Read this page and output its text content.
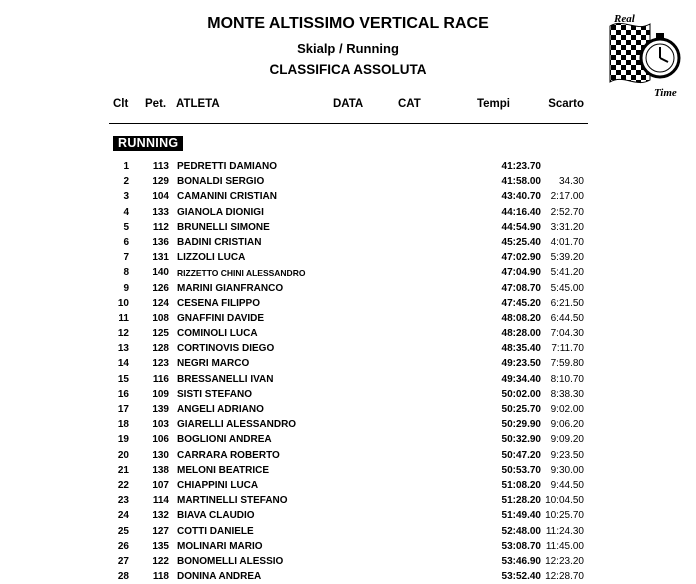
MONTE ALTISSIMO VERTICAL RACE
Skialp / Running
CLASSIFICA ASSOLUTA
Real
Time
Clt Pet. ATLETA	DATA	CAT	Tempi	Scarto
RUNNING
1 113 PEDRETTI DAMIANO	41:23.70
2 129 BONALDI SERGIO	41:58.00 34.30
3 104 CAMANINI CRISTIAN	43:40.70 2:17.00
4 133 GIANOLA DIONIGI	44:16.40 2:52.70
5 112 BRUNELLI SIMONE	44:54.90 3:31.20
6 136 BADINI CRISTIAN	45:25.40 4:01.70
7 131 LIZZOLI LUCA	47:02.90 5:39.20
8 140 RIZZETTO CHINI ALESSANDRO	47:04.90 5:41.20
9 126 MARINI GIANFRANCO	47:08.70 5:45.00
10 124 CESENA FILIPPO	47:45.20 6:21.50
11 108 GNAFFINI DAVIDE	48:08.20 6:44.50
12 125 COMINOLI LUCA	48:28.00 7:04.30
13 128 CORTINOVIS DIEGO	48:35.40 7:11.70
14 123 NEGRI MARCO	49:23.50 7:59.80
15 116 BRESSANELLI IVAN	49:34.40 8:10.70
16 109 SISTI STEFANO	50:02.00 8:38.30
17 139 ANGELI ADRIANO	50:25.70 9:02.00
18 103 GIARELLI ALESSANDRO	50:29.90 9:06.20
19 106 BOGLIONI ANDREA	50:32.90 9:09.20
20 130 CARRARA ROBERTO	50:47.20 9:23.50
21 138 MELONI BEATRICE	50:53.70 9:30.00
22 107 CHIAPPINI LUCA	51:08.20 9:44.50
23 114 MARTINELLI STEFANO	51:28.20 10:04.50
24 132 BIAVA CLAUDIO	51:49.40 10:25.70
25 127 COTTI DANIELE	52:48.00 11:24.30
26 135 MOLINARI MARIO	53:08.70 11:45.00
27 122 BONOMELLI ALESSIO	53:46.90 12:23.20
28 118 DONINA ANDREA	53:52.40 12:28.70
